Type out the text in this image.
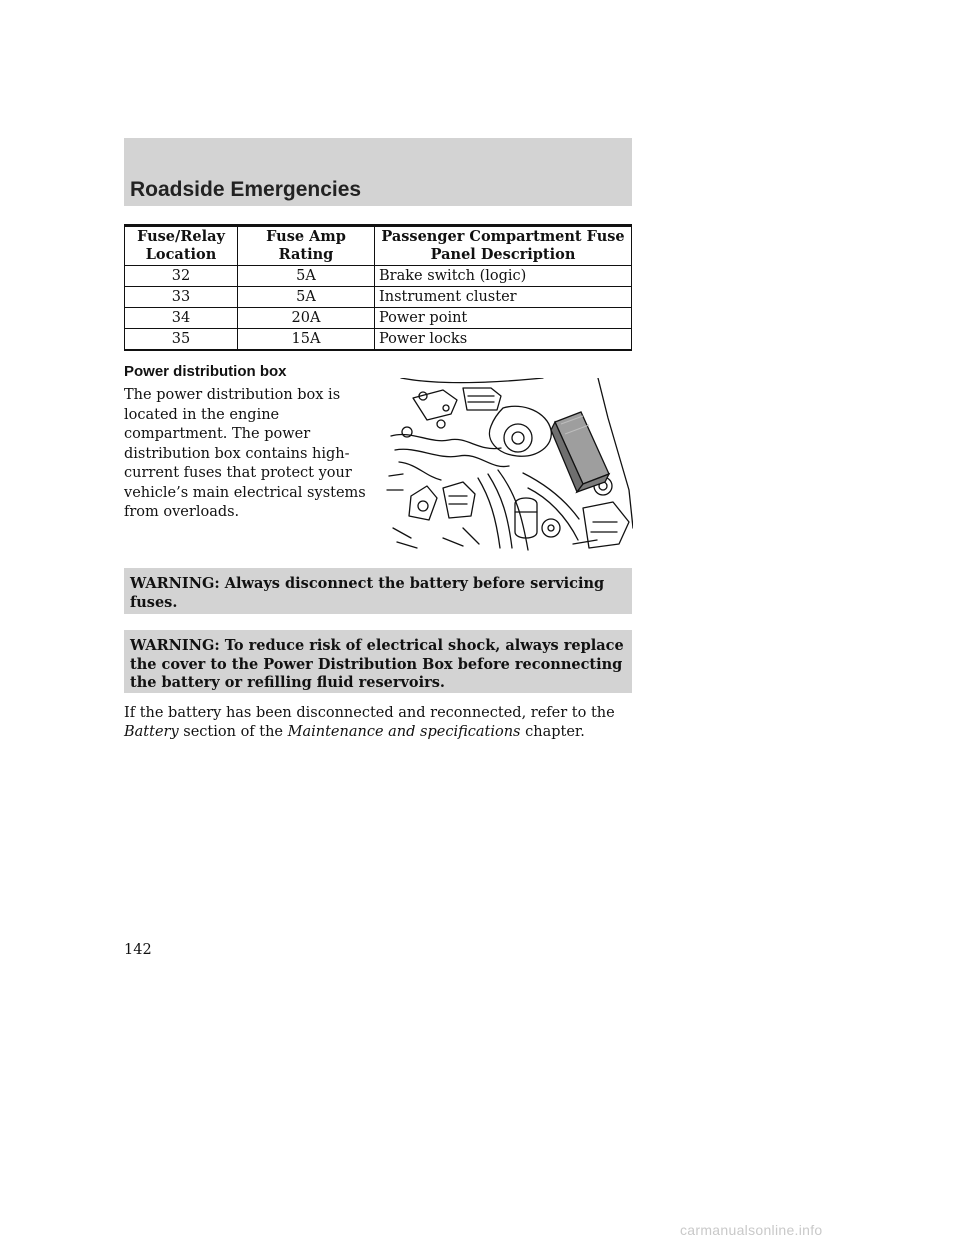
Roadside Emergencies
Fuse/Relay Location	Fuse Amp Rating	Passenger Compartment Fuse Panel Description
32	5A	Brake switch (logic)
33	5A	Instrument cluster
34	20A	Power point
35	15A	Power locks
Power distribution box

The power distribution box is located in the engine compartment. The power distribution box contains high-current fuses that protect your vehicle’s main electrical systems from overloads.

WARNING: Always disconnect the battery before servicing fuses.
WARNING: To reduce risk of electrical shock, always replace the cover to the Power Distribution Box before reconnecting the battery or refilling fluid reservoirs.

If the battery has been disconnected and reconnected, refer to the Battery section of the Maintenance and specifications chapter.

142
carmanualsonline.info
